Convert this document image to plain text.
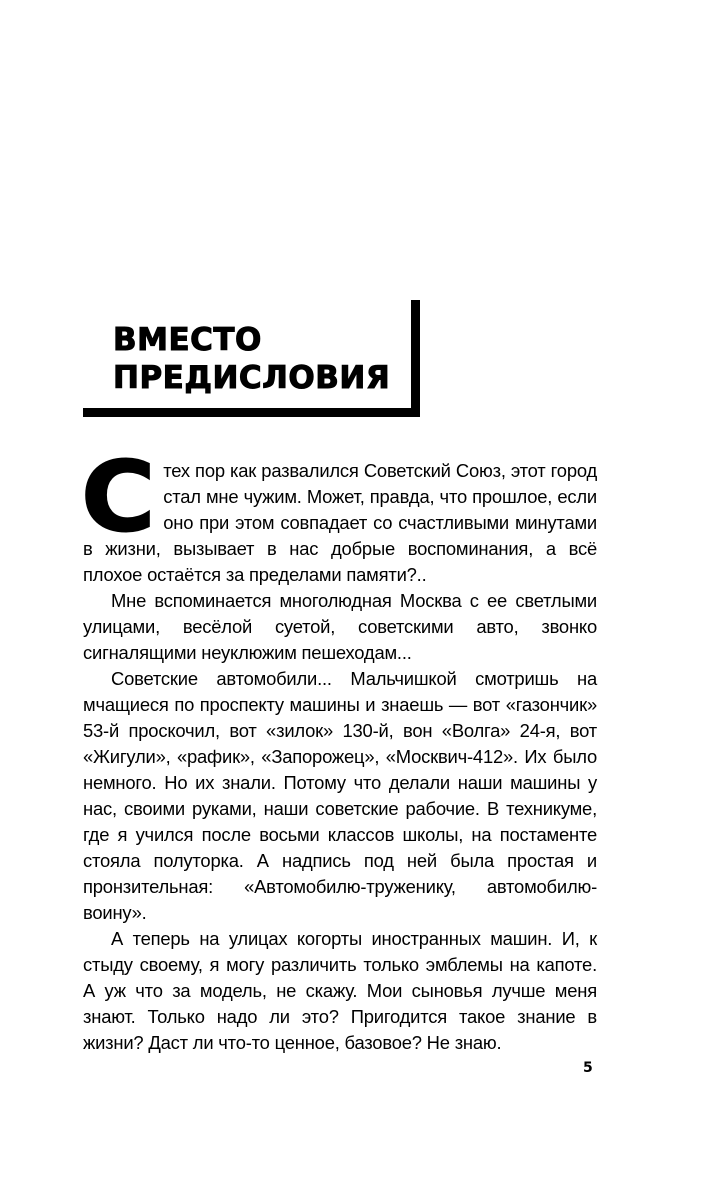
ВМЕСТО
ПРЕДИСЛОВИЯ

Стех пор как развалился Советский Союз, этот город стал мне чужим. Может, правда, что прошлое, если оно при этом совпадает со счастливыми минутами в жизни, вызывает в нас добрые воспоминания, а всё плохое остаётся за пределами памяти?..

Мне вспоминается многолюдная Москва с ее светлыми улицами, весёлой суетой, советскими авто, звонко сигналящими неуклюжим пешеходам...

Советские автомобили... Мальчишкой смотришь на мчащиеся по проспекту машины и знаешь — вот «газончик» 53-й проскочил, вот «зилок» 130-й, вон «Волга» 24-я, вот «Жигули», «рафик», «Запорожец», «Москвич-412». Их было немного. Но их знали. Потому что делали наши машины у нас, своими руками, наши советские рабочие. В техникуме, где я учился после восьми классов школы, на постаменте стояла полуторка. А надпись под ней была простая и пронзительная: «Автомобилю-труженику, автомобилю-воину».

А теперь на улицах когорты иностранных машин. И, к стыду своему, я могу различить только эмблемы на капоте. А уж что за модель, не скажу. Мои сыновья лучше меня знают. Только надо ли это? Пригодится такое знание в жизни? Даст ли что-то ценное, базовое? Не знаю.

5
